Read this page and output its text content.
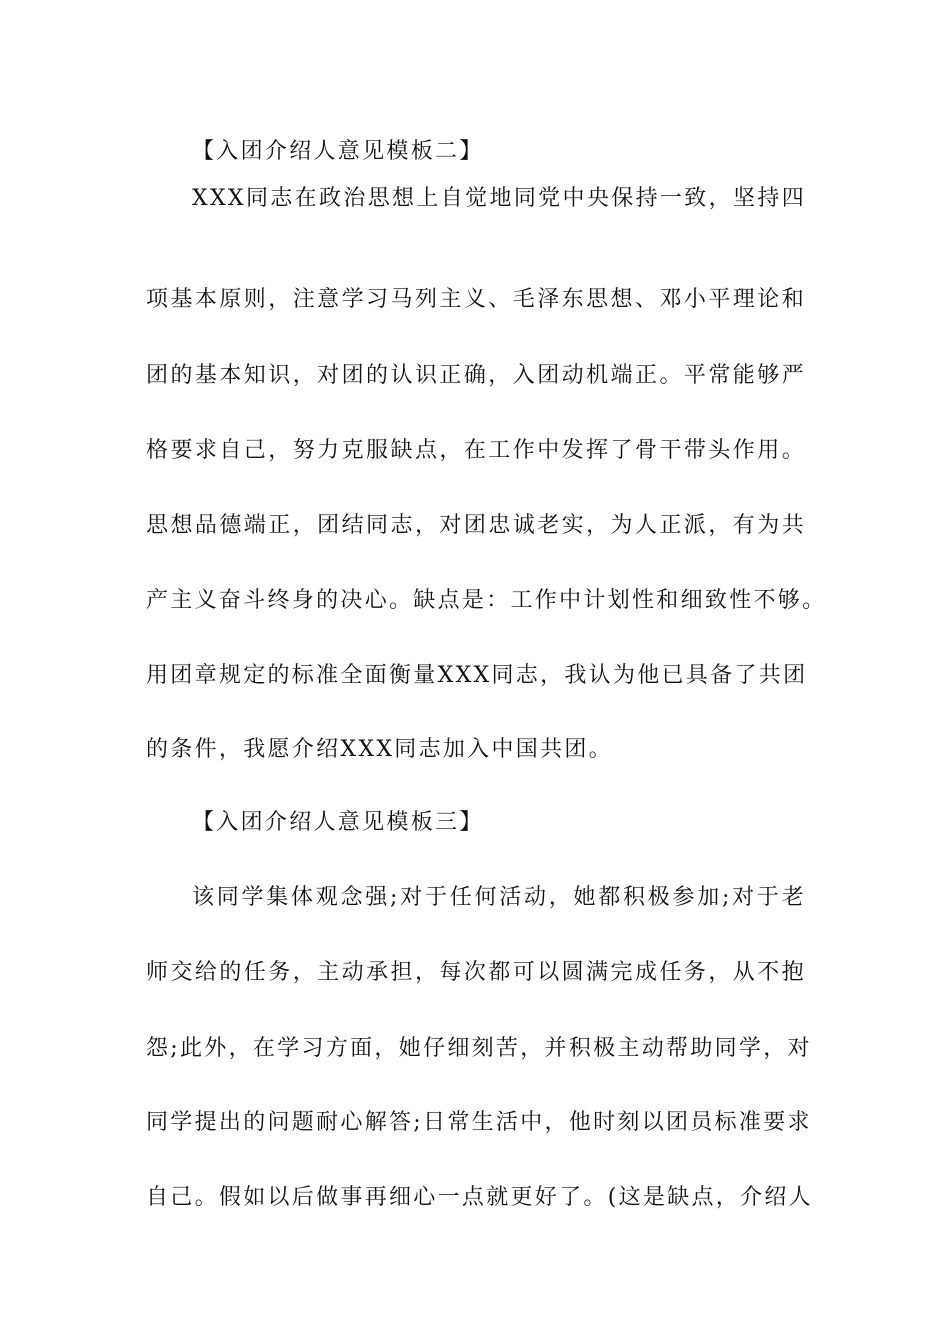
【入团介绍人意见模板二】

XXX同志在政治思想上自觉地同党中央保持一致，坚持四

项基本原则，注意学习马列主义、毛泽东思想、邓小平理论和

团的基本知识，对团的认识正确，入团动机端正。平常能够严

格要求自己，努力克服缺点，在工作中发挥了骨干带头作用。

思想品德端正，团结同志，对团忠诚老实，为人正派，有为共

产主义奋斗终身的决心。缺点是：工作中计划性和细致性不够。

用团章规定的标准全面衡量XXX同志，我认为他已具备了共团

的条件，我愿介绍XXX同志加入中国共团。

【入团介绍人意见模板三】

该同学集体观念强;对于任何活动，她都积极参加;对于老

师交给的任务，主动承担，每次都可以圆满完成任务，从不抱

怨;此外，在学习方面，她仔细刻苦，并积极主动帮助同学，对

同学提出的问题耐心解答;日常生活中，他时刻以团员标准要求

自己。假如以后做事再细心一点就更好了。(这是缺点，介绍人
